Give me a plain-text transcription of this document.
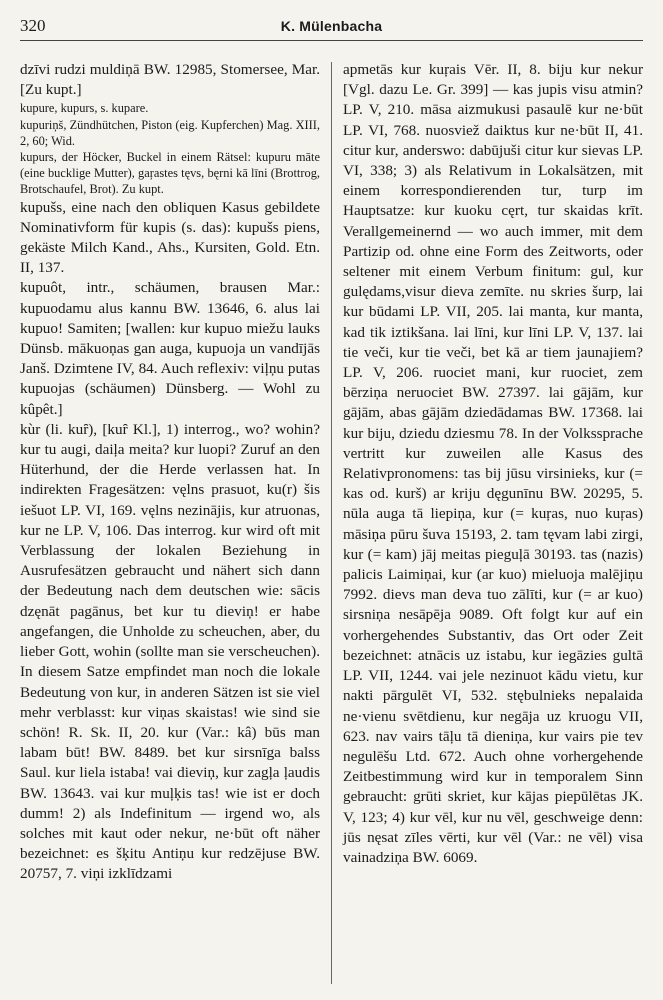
320	K. Mülenbacha

dzīvi rudzi muldiņā BW. 12985, Stomersee, Mar. [Zu kupt.]

kupure, kupurs, s. kupare.

kupuriņš, Zündhütchen, Piston (eig. Kupferchen) Mag. XIII, 2, 60; Wid.

kupurs, der Höcker, Buckel in einem Rätsel: kupuru māte (eine bucklige Mutter), gaŗastes tęvs, bęrni kā līni (Brottrog, Brotschaufel, Brot). Zu kupt.

kupušs, eine nach den obliquen Kasus gebildete Nominativform für kupis (s. das): kupušs piens, gekäste Milch Kand., Ahs., Kursiten, Gold. Etn. II, 137.

kupuôt, intr., schäumen, brausen Mar.: kupuodamu alus kannu BW. 13646, 6. alus lai kupuo! Samiten; [wallen: kur kupuo miežu lauks Dünsb. mākuoņas gan auga, kupuoja un vandījās Janš. Dzimtene IV, 84. Auch reflexiv: viļņu putas kupuojas (schäumen) Dünsberg. — Wohl zu kûpêt.]

kùr (li. kuȓ), [kuȓ Kl.], 1) interrog., wo? wohin? kur tu augi, daiļa meita? kur luopi? Zuruf an den Hüterhund, der die Herde verlassen hat. In indirekten Fragesätzen: vęlns prasuot, ku(r) šis iešuot LP. VI, 169. vęlns nezinājis, kur atruonas, kur ne LP. V, 106. Das interrog. kur wird oft mit Verblassung der lokalen Beziehung in Ausrufesätzen gebraucht und nähert sich dann der Bedeutung nach dem deutschen wie: sācis dzęnāt pagānus, bet kur tu dieviņ! er habe angefangen, die Unholde zu scheuchen, aber, du lieber Gott, wohin (sollte man sie verscheuchen). In diesem Satze empfindet man noch die lokale Bedeutung von kur, in anderen Sätzen ist sie viel mehr verblasst: kur viņas skaistas! wie sind sie schön! R. Sk. II, 20. kur (Var.: kâ) būs man labam būt! BW. 8489. bet kur sirsnīga balss Saul. kur liela istaba! vai dieviņ, kur zagļa ļaudis BW. 13643. vai kur muļķis tas! wie ist er doch dumm! 2) als Indefinitum — irgend wo, als solches mit kaut oder nekur, ne·būt oft näher bezeichnet: es šķitu Antiņu kur redzējuse BW. 20757, 7. viņi izklīdzami

apmetās kur kuŗais Vēr. II, 8. biju kur nekur [Vgl. dazu Le. Gr. 399] — kas jupis visu atmin? LP. V, 210. māsa aizmukusi pasaulē kur ne·būt LP. VI, 768. nuosviež daiktus kur ne·būt II, 41. citur kur, anderswo: dabūjuši citur kur sievas LP. VI, 338; 3) als Relativum in Lokalsätzen, mit einem korrespondierenden tur, turp im Hauptsatze: kur kuoku cęrt, tur skaidas krīt. Verallgemeinernd — wo auch immer, mit dem Partizip od. ohne eine Form des Zeitworts, oder seltener mit einem Verbum finitum: gul, kur gulędams,visur dieva zemīte. nu skries šurp, lai kur būdami LP. VII, 205. lai manta, kur manta, kad tik iztikšana. lai līni, kur līni LP. V, 137. lai tie veči, kur tie veči, bet kā ar tiem jaunajiem? LP. V, 206. ruociet mani, kur ruociet, zem bērziņa neruociet BW. 27397. lai gājām, kur gājām, abas gājām dziedādamas BW. 17368. lai kur biju, dziedu dziesmu 78. In der Volkssprache vertritt kur zuweilen alle Kasus des Relativpronomens: tas bij jūsu virsinieks, kur (= kas od. kurš) ar kriju dęgunīnu BW. 20295, 5. nūla auga tā liepiņa, kur (= kuŗas, nuo kuŗas) māsiņa pūru šuva 15193, 2. tam tęvam labi zirgi, kur (= kam) jāj meitas pieguļā 30193. tas (nazis) palicis Laimiņai, kur (ar kuo) mieluoja malējiņu 7992. dievs man deva tuo zālīti, kur (= ar kuo) sirsniņa nesāpēja 9089. Oft folgt kur auf ein vorhergehendes Substantiv, das Ort oder Zeit bezeichnet: atnācis uz istabu, kur iegāzies gultā LP. VII, 1244. vai jele nezinuot kādu vietu, kur nakti pārgulēt VI, 532. stębulnieks nepalaida ne·vienu svētdienu, kur negāja uz kruogu VII, 623. nav vairs tāļu tā dieniņa, kur vairs pie tev negulēšu Ltd. 672. Auch ohne vorhergehende Zeitbestimmung wird kur in temporalem Sinn gebraucht: grūti skriet, kur kājas piepūlētas JK. V, 123; 4) kur vēl, kur nu vēl, geschweige denn: jūs nęsat zīles vērti, kur vēl (Var.: ne vēl) visa vainadziņa BW. 6069.
